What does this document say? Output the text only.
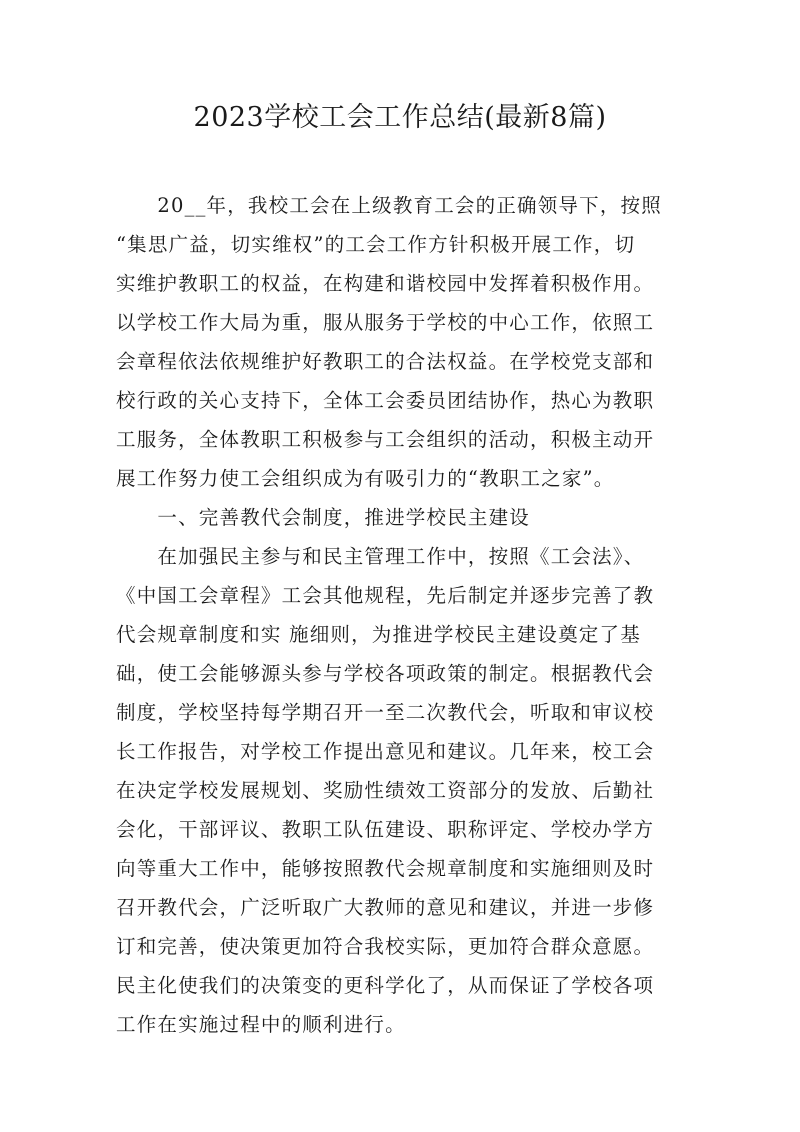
2023学校工会工作总结(最新8篇)
　　20__年，我校工会在上级教育工会的正确领导下，按照
“集思广益，切实维权”的工会工作方针积极开展工作，切
实维护教职工的权益，在构建和谐校园中发挥着积极作用。
以学校工作大局为重，服从服务于学校的中心工作，依照工
会章程依法依规维护好教职工的合法权益。在学校党支部和
校行政的关心支持下，全体工会委员团结协作，热心为教职
工服务，全体教职工积极参与工会组织的活动，积极主动开
展工作努力使工会组织成为有吸引力的“教职工之家”。
　　一、完善教代会制度，推进学校民主建设
　　在加强民主参与和民主管理工作中，按照《工会法》、
《中国工会章程》工会其他规程，先后制定并逐步完善了教
代会规章制度和实 施细则，为推进学校民主建设奠定了基
础，使工会能够源头参与学校各项政策的制定。根据教代会
制度，学校坚持每学期召开一至二次教代会，听取和审议校
长工作报告，对学校工作提出意见和建议。几年来，校工会
在决定学校发展规划、奖励性绩效工资部分的发放、后勤社
会化，干部评议、教职工队伍建设、职称评定、学校办学方
向等重大工作中，能够按照教代会规章制度和实施细则及时
召开教代会，广泛听取广大教师的意见和建议，并进一步修
订和完善，使决策更加符合我校实际，更加符合群众意愿。
民主化使我们的决策变的更科学化了，从而保证了学校各项
工作在实施过程中的顺利进行。
